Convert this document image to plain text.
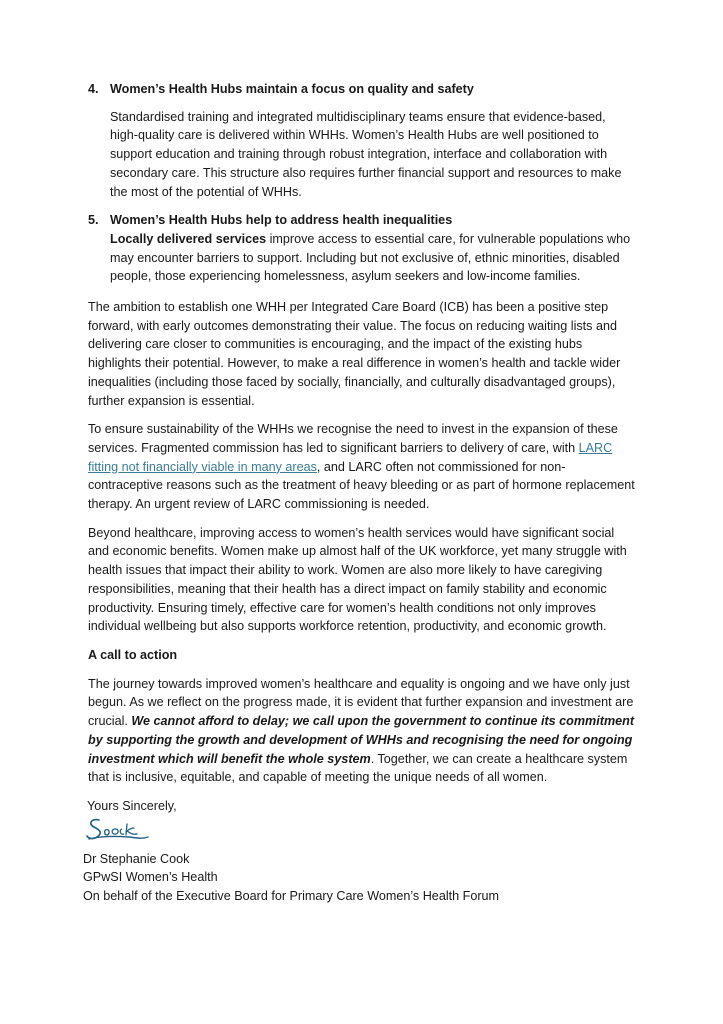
4. Women’s Health Hubs maintain a focus on quality and safety

Standardised training and integrated multidisciplinary teams ensure that evidence-based, high-quality care is delivered within WHHs. Women’s Health Hubs are well positioned to support education and training through robust integration, interface and collaboration with secondary care. This structure also requires further financial support and resources to make the most of the potential of WHHs.

5. Women’s Health Hubs help to address health inequalities

Locally delivered services improve access to essential care, for vulnerable populations who may encounter barriers to support. Including but not exclusive of, ethnic minorities, disabled people, those experiencing homelessness, asylum seekers and low-income families.

The ambition to establish one WHH per Integrated Care Board (ICB) has been a positive step forward, with early outcomes demonstrating their value. The focus on reducing waiting lists and delivering care closer to communities is encouraging, and the impact of the existing hubs highlights their potential. However, to make a real difference in women’s health and tackle wider inequalities (including those faced by socially, financially, and culturally disadvantaged groups), further expansion is essential.

To ensure sustainability of the WHHs we recognise the need to invest in the expansion of these services. Fragmented commission has led to significant barriers to delivery of care, with LARC fitting not financially viable in many areas, and LARC often not commissioned for non-contraceptive reasons such as the treatment of heavy bleeding or as part of hormone replacement therapy. An urgent review of LARC commissioning is needed.

Beyond healthcare, improving access to women’s health services would have significant social and economic benefits. Women make up almost half of the UK workforce, yet many struggle with health issues that impact their ability to work. Women are also more likely to have caregiving responsibilities, meaning that their health has a direct impact on family stability and economic productivity. Ensuring timely, effective care for women’s health conditions not only improves individual wellbeing but also supports workforce retention, productivity, and economic growth.

A call to action

The journey towards improved women’s healthcare and equality is ongoing and we have only just begun. As we reflect on the progress made, it is evident that further expansion and investment are crucial. We cannot afford to delay; we call upon the government to continue its commitment by supporting the growth and development of WHHs and recognising the need for ongoing investment which will benefit the whole system. Together, we can create a healthcare system that is inclusive, equitable, and capable of meeting the unique needs of all women.

Yours Sincerely,

Dr Stephanie Cook

GPwSI Women’s Health

On behalf of the Executive Board for Primary Care Women’s Health Forum
